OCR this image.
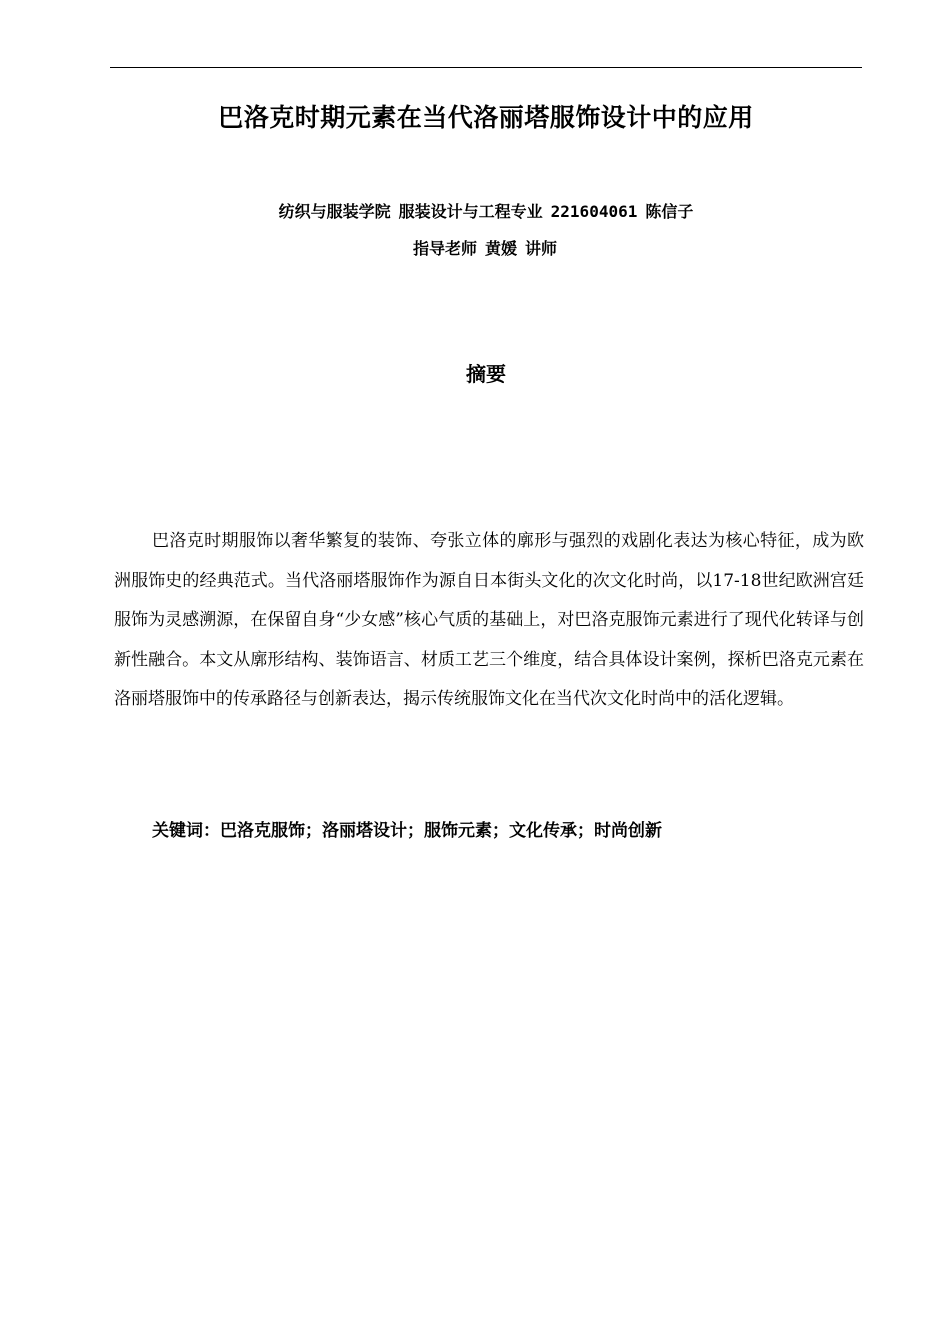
巴洛克时期元素在当代洛丽塔服饰设计中的应用
纺织与服装学院 服装设计与工程专业 221604061 陈信子
指导老师 黄媛 讲师
摘要

巴洛克时期服饰以奢华繁复的装饰、夸张立体的廓形与强烈的戏剧化表达为核心特征，成为欧洲服饰史的经典范式。当代洛丽塔服饰作为源自日本街头文化的次文化时尚，以17-18世纪欧洲宫廷服饰为灵感溯源，在保留自身“少女感”核心气质的基础上，对巴洛克服饰元素进行了现代化转译与创新性融合。本文从廓形结构、装饰语言、材质工艺三个维度，结合具体设计案例，探析巴洛克元素在洛丽塔服饰中的传承路径与创新表达，揭示传统服饰文化在当代次文化时尚中的活化逻辑。

关键词：巴洛克服饰；洛丽塔设计；服饰元素；文化传承；时尚创新
